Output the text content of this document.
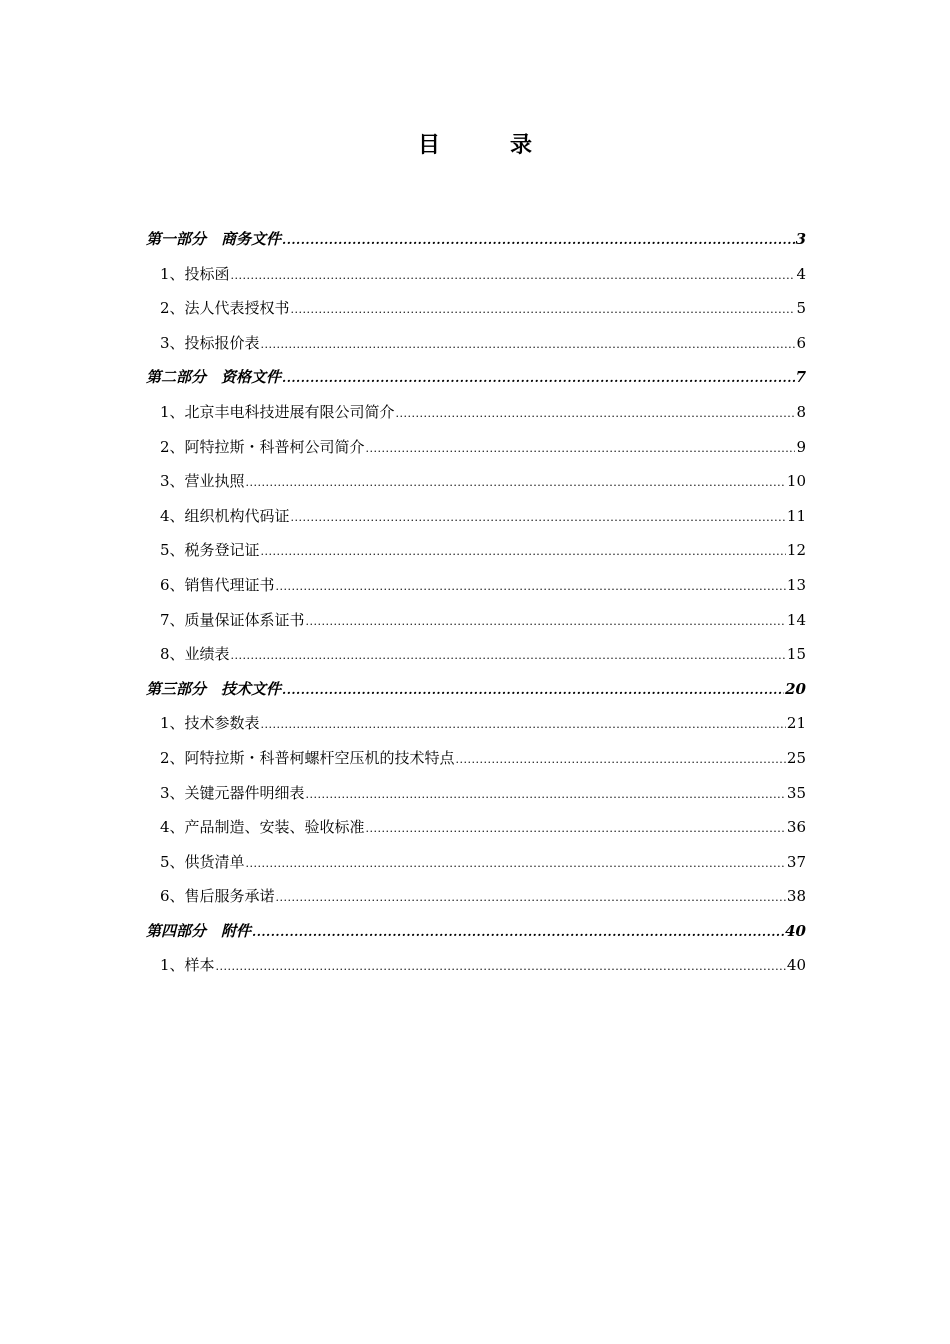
目　录
第一部分　商务文件 .....	3
1、投标函 .....	4
2、法人代表授权书 .....	5
3、投标报价表 .....	6
第二部分　资格文件 .....	7
1、北京丰电科技进展有限公司简介 .....	8
2、阿特拉斯・科普柯公司简介 .....	9
3、营业执照 .....	10
4、组织机构代码证 .....	11
5、税务登记证 .....	12
6、销售代理证书 .....	13
7、质量保证体系证书 .....	14
8、业绩表 .....	15
第三部分　技术文件 .....	20
1、技术参数表 .....	21
2、阿特拉斯・科普柯螺杆空压机的技术特点 .....	25
3、关键元器件明细表 .....	35
4、产品制造、安装、验收标准 .....	36
5、供货清单 .....	37
6、售后服务承诺 .....	38
第四部分　附件 .....	40
1、样本 .....	40
